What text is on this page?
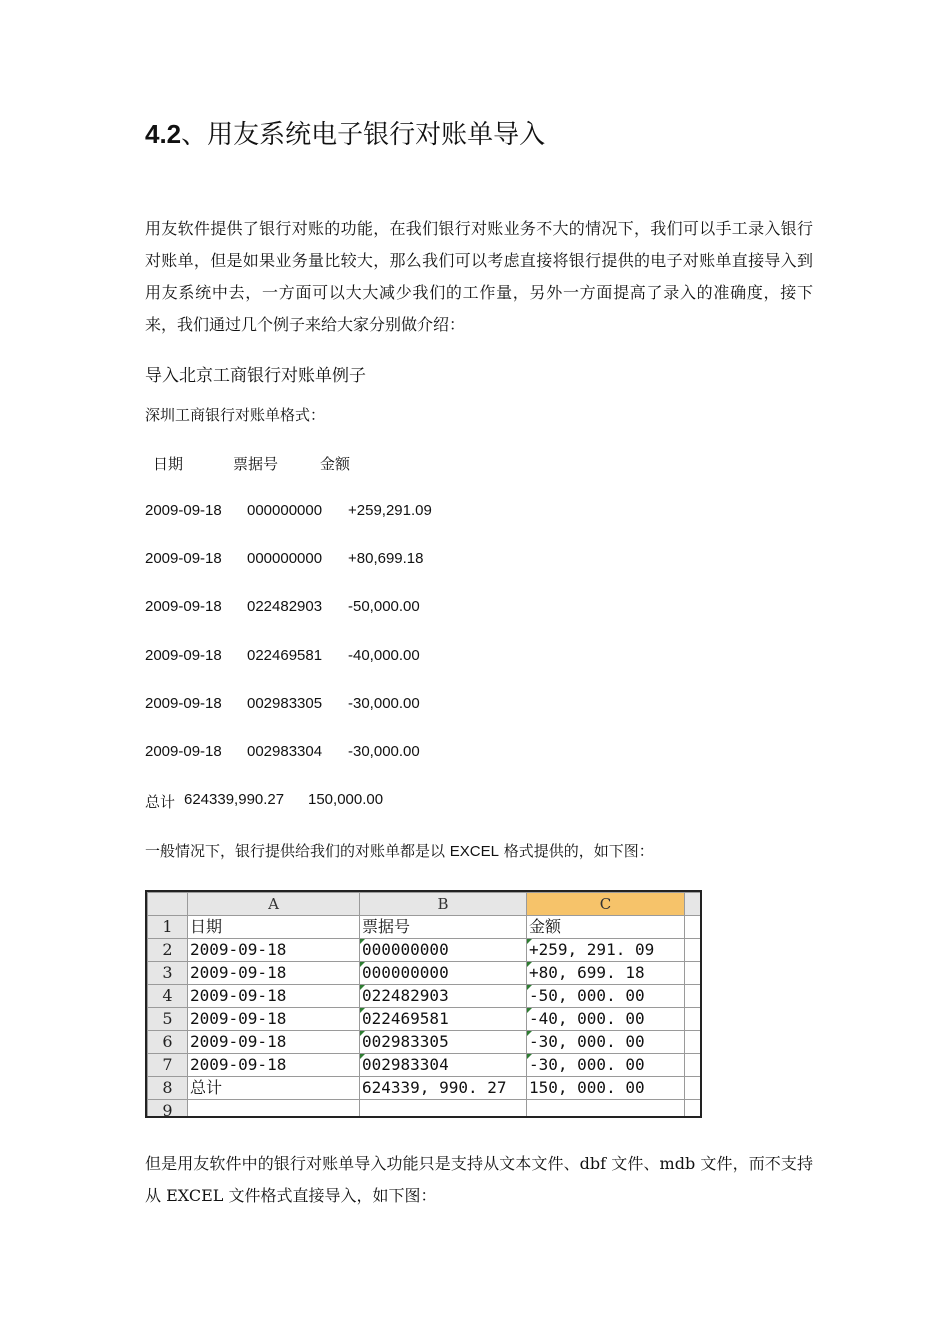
4.2、用友系统电子银行对账单导入
用友软件提供了银行对账的功能，在我们银行对账业务不大的情况下，我们可以手工录入银行对账单，但是如果业务量比较大，那么我们可以考虑直接将银行提供的电子对账单直接导入到用友系统中去，一方面可以大大减少我们的工作量，另外一方面提高了录入的准确度，接下来，我们通过几个例子来给大家分别做介绍：
导入北京工商银行对账单例子
深圳工商银行对账单格式：
日期	票据号	金额
2009-09-18 000000000 +259,291.09
2009-09-18 000000000 +80,699.18
2009-09-18 022482903 -50,000.00
2009-09-18 022469581 -40,000.00
2009-09-18 002983305 -30,000.00
2009-09-18 002983304 -30,000.00
总计 624339,990.27 150,000.00
一般情况下，银行提供给我们的对账单都是以 EXCEL 格式提供的，如下图：
	A	B	C	
1	日期	票据号	金额	
2	2009-09-18	000000000	+259, 291. 09	
3	2009-09-18	000000000	+80, 699. 18	
4	2009-09-18	022482903	-50, 000. 00	
5	2009-09-18	022469581	-40, 000. 00	
6	2009-09-18	002983305	-30, 000. 00	
7	2009-09-18	002983304	-30, 000. 00	
8	总计	624339, 990. 27	150, 000. 00	
9				
但是用友软件中的银行对账单导入功能只是支持从文本文件、dbf 文件、mdb 文件，而不支持从 EXCEL 文件格式直接导入，如下图：
